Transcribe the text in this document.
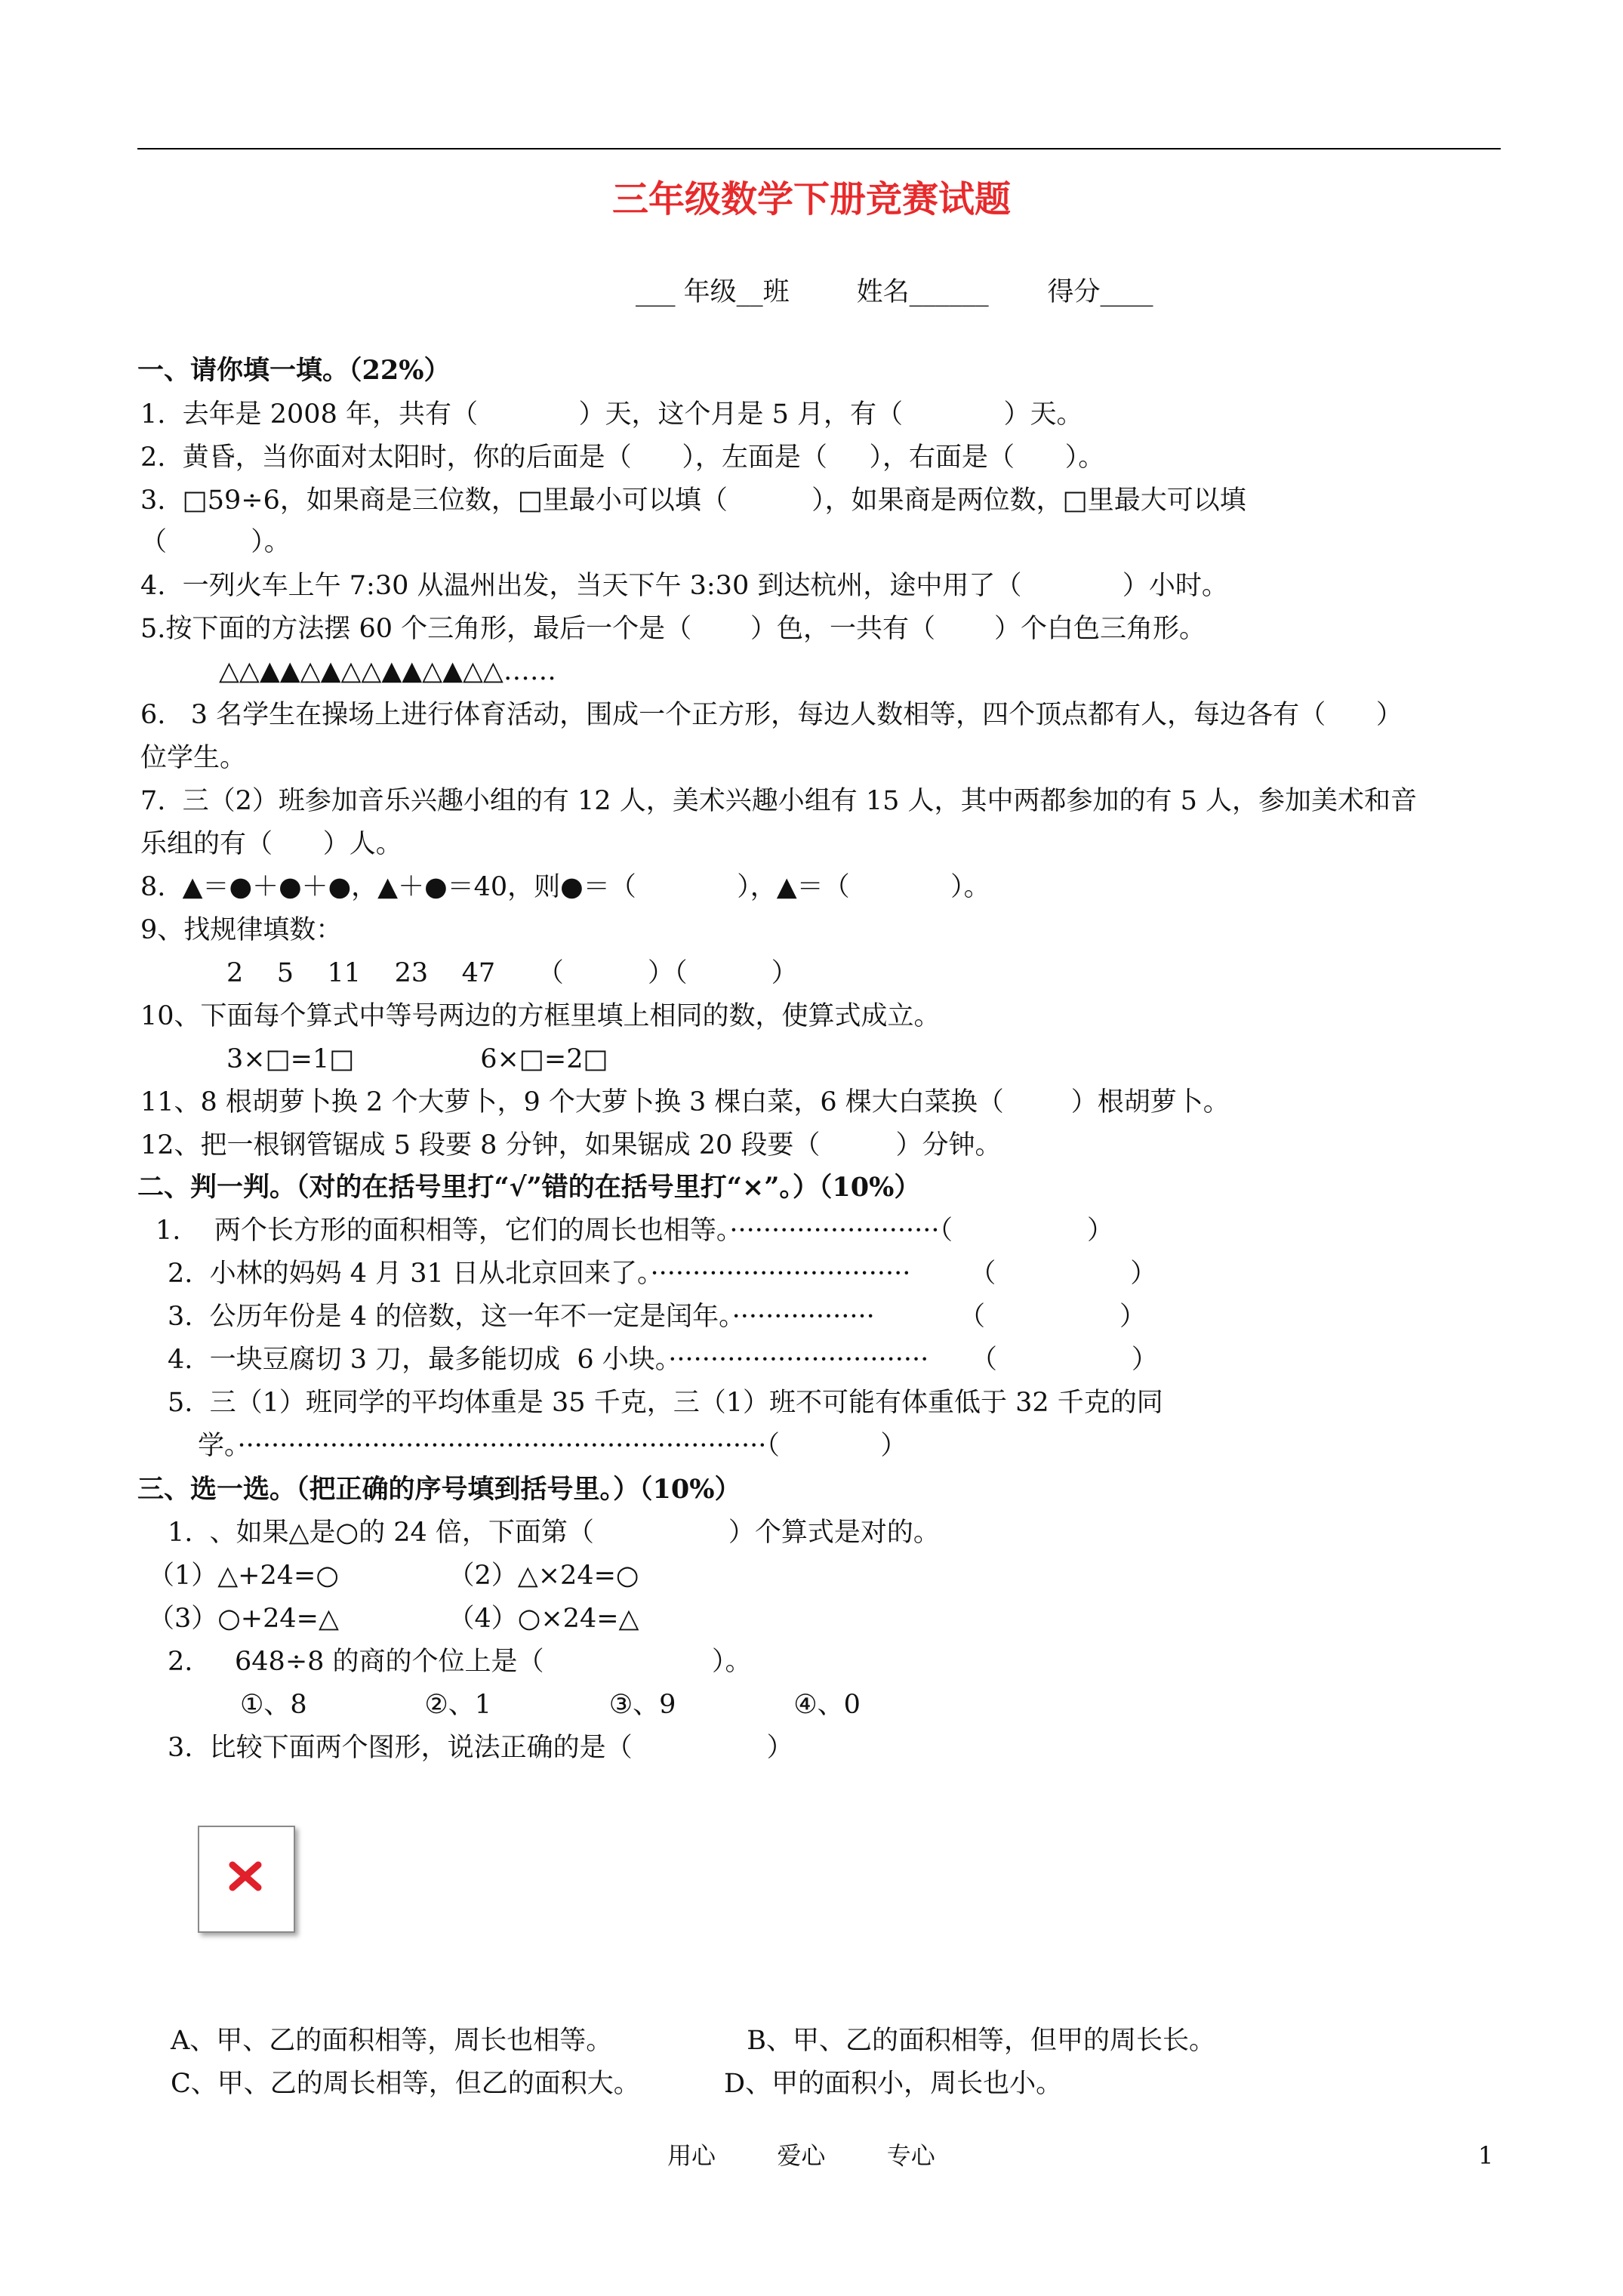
三年级数学下册竞赛试题
___ 年级__班        姓名______       得分____
一、请你填一填。（22%）
1.  去年是 2008 年，共有（            ）天，这个月是 5 月，有（            ）天。
2.  黄昏，当你面对太阳时，你的后面是（      ），左面是（     ），右面是（      ）。
3.  □59÷6，如果商是三位数，□里最小可以填（          ），如果商是两位数，□里最大可以填
（          ）。
4.  一列火车上午 7:30 从温州出发，当天下午 3:30 到达杭州，途中用了（            ）小时。
5.按下面的方法摆 60 个三角形，最后一个是（       ）色，一共有（       ）个白色三角形。
△△▲▲△▲△△▲▲△▲△△……
6.   3 名学生在操场上进行体育活动，围成一个正方形，每边人数相等，四个顶点都有人，每边各有（      ）
位学生。
7.  三（2）班参加音乐兴趣小组的有 12 人，美术兴趣小组有 15 人，其中两都参加的有 5 人，参加美术和音
乐组的有（      ）人。
8.  ▲＝●＋●＋●，▲＋●＝40，则●＝（            ），▲＝（            ）。
9、找规律填数：
2    5    11    23    47     （          ）（          ）
10、下面每个算式中等号两边的方框里填上相同的数，使算式成立。
3×□=1□               6×□=2□
11、8 根胡萝卜换 2 个大萝卜，9 个大萝卜换 3 棵白菜，6 棵大白菜换（        ）根胡萝卜。
12、把一根钢管锯成 5 段要 8 分钟，如果锯成 20 段要（         ）分钟。
二、判一判。（对的在括号里打“√”错的在括号里打“×”。）（10%）
1.    两个长方形的面积相等，它们的周长也相等。·························（                ）
2.  小林的妈妈 4 月 31 日从北京回来了。·······························       （                ）
3.  公历年份是 4 的倍数，这一年不一定是闰年。·················          （                ）
4.  一块豆腐切 3 刀，最多能切成  6 小块。·······························     （                ）
5.  三（1）班同学的平均体重是 35 千克，三（1）班不可能有体重低于 32 千克的同
学。·······························································（            ）
三、选一选。（把正确的序号填到括号里。）（10%）
1.  、如果△是○的 24 倍，下面第（                ）个算式是对的。
（1）△+24=○             （2）△×24=○
（3）○+24=△             （4）○×24=△
2.     648÷8 的商的个位上是（                    ）。
①、8              ②、1              ③、9              ④、0
3.  比较下面两个图形，说法正确的是（                ）
A、甲、乙的面积相等，周长也相等。                B、甲、乙的面积相等，但甲的周长长。
C、甲、乙的周长相等，但乙的面积大。          D、甲的面积小，周长也小。
用心        爱心        专心	1
